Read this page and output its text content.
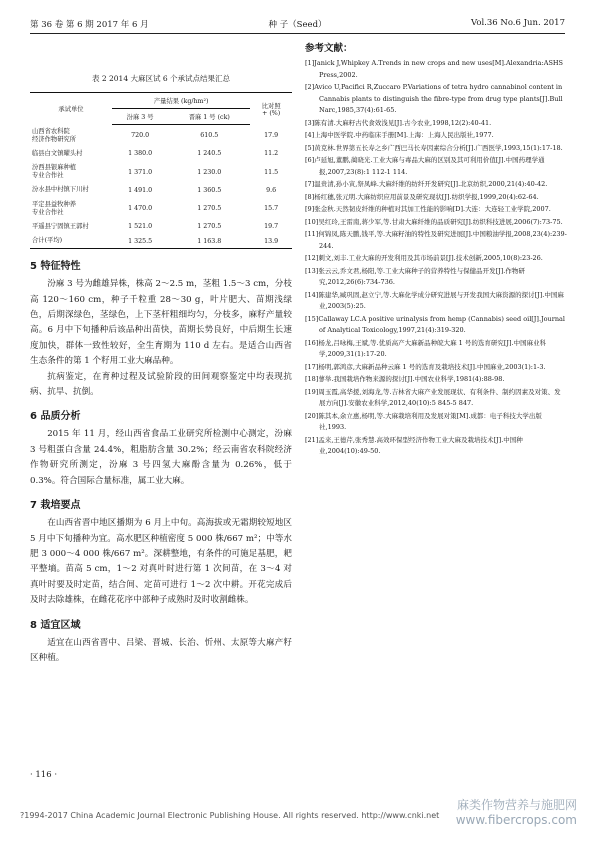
第 36 卷 第 6 期 2017 年 6 月	种 子（Seed）	Vol.36 No.6 Jun. 2017
表 2 2014 大麻区试 6 个承试点结果汇总
承试单位	产量结果 (kg/hm²)		比对照
+ (%)
	汾麻 3 号	晋麻 1 号 (ck)	
山西省农科院
经济作物研究所	720.0	610.5	17.9
临县白文镇曜头村	1 380.0	1 240.5	11.2
汾西县银麻种植
专业合作社	1 371.0	1 230.0	11.5
汾水县中村镇下川村	1 491.0	1 360.5	9.6
平定县益牧种养
专业合作社	1 470.0	1 270.5	15.7
平遥县宁固镇王郭村	1 521.0	1 270.5	19.7
合计(平均)	1 325.5	1 163.8	13.9
5 特征特性

汾麻 3 号为雌雄异株，株高 2～2.5 m，茎粗 1.5～3 cm，分枝高 120～160 cm，种子千粒重 28～30 g，叶片肥大、苗期浅绿色，后期深绿色，茎绿色，上下茎杆粗细均匀，分枝多，麻籽产量较高。6 月中下旬播种后该品种出苗快，苗期长势良好，中后期生长速度加快，群体一致性较好，全生育期为 110 d 左右。是适合山西省生态条件的第 1 个籽用工业大麻品种。

抗病鉴定，在育种过程及试验阶段的田间观察鉴定中均表现抗病、抗旱、抗倒。

6 品质分析

2015 年 11 月，经山西省食品工业研究所检测中心测定，汾麻 3 号粗蛋白含量 24.4%，粗脂肪含量 30.2%；经云南省农科院经济作物研究所测定，汾麻 3 号四氢大麻酚含量为 0.26%，低于 0.3%。符合国际合量标准，属工业大麻。

7 栽培要点

在山西省晋中地区播期为 6 月上中旬。高海拔或无霜期较短地区 5 月中下旬播种为宜。高水肥区种植密度 5 000 株/667 m²；中等水肥 3 000～4 000 株/667 m²。深耕整地，有条件的可施足基肥，耙平整墒。苗高 5 cm，1～2 对真叶时进行第 1 次间苗，在 3～4 对真叶时要及时定苗，结合间、定苗可进行 1～2 次中耕。开花完成后及时去除雄株，在雌花花序中部种子成熟时及时收割雌株。

8 适宜区域

适宜在山西省晋中、吕梁、晋城、长治、忻州、太原等大麻产籽区种植。

参考文献：
[1]Janick J,Whipkey A.Trends in new crops and new uses[M].Alexandria:ASHS Press,2002.
[2]Avico U,Pacifici R,Zuccaro P.Variations of tetra hydro cannabinol content in Cannabis plants to distinguish the fibre-type from drug type plants[J].Bull Narc,1985,37(4):61-65.
[3]陈有清.大麻籽古代食效浅见[J].古今农业,1998,12(2):40-41.
[4]上海中医学院.中药临床手册[M].上海：上海人民出版社,1977.
[5]黄克林.世界第五长寿之乡广西巴马长寿因素综合分析[J].广西医学,1993,15(1):17-18.
[6]卢延旭,董鹏,蔺晓光.工业大麻与毒品大麻的区别及其可利用价值[J].中国药理学通报,2007,23(8):1 112-1 114.
[7]温贵清,孙小寅,祭凤峰.大麻纤维的纺纤开发研究[J].北京纺织,2000,21(4):40-42.
[8]杨红穗,张元明.大麻纺织应用前景及研究现状[J].纺织学报,1999,20(4):62-64.
[9]张金秋.天然韧皮纤维的种植对其加工性能的影响[D].大连：大连轻工业学院,2007.
[10]吴红玲,王雷南,蒋少军,等.甘肃大麻纤维的品质研究[J].纺织科技进展,2006(7):73-75.
[11]何锦凤,陈天鹏,钱平,等.大麻籽油的特性及研究进展[J].中国粮油学报,2008,23(4):239-244.
[12]刺文,刘丰.工业大麻的开发利用及其市场前景[J].技术创新,2005,10(8):23-26.
[13]张云云,乔文君,杨阳,等.工业大麻种子的营养特性与保健品开发[J].作物研究,2012,26(6):734-736.
[14]陈建华,臧巩固,赵立宁,等.大麻化学成分研究进展与开发我国大麻资源的探讨[J].中国麻业,2003(5):25.
[15]Callaway LC.A positive urinalysis from hemp (Cannabis) seed oil[J].Journal of Analytical Toxicology,1997,21(4):319-320.
[16]杨龙,吕咏梅,王斌,等.优质高产大麻新品种皖大麻 1 号的选育研究[J].中国麻业科学,2009,31(1):17-20.
[17]杨明,郭鸿彦,大麻新品种云麻 1 号的选育及栽培技术[J].中国麻业,2003(1):1-3.
[18]蓼举.我国栽培作物来源的探讨[J].中国农业科学,1981(4):88-98.
[19]周玉霞,高华援,刘海龙,等.吉林省大麻产业发展现状、有利条件、制约因素及对策、发展方向[J].安徽农业科学,2012,40(10):5 845-5 847.
[20]陈其本,余立惠,杨明,等.大麻栽培利用及发展对策[M].成都：电子科技大学出版社,1993.
[21]孟来,王德芹,张秀慧.高效环保型经济作物工业大麻及栽培技术[J].中国种业,2004(10):49-50.
· 116 ·
麻类作物营养与施肥网
www.fibercrops.com
?1994-2017 China Academic Journal Electronic Publishing House. All rights reserved. http://www.cnki.net
